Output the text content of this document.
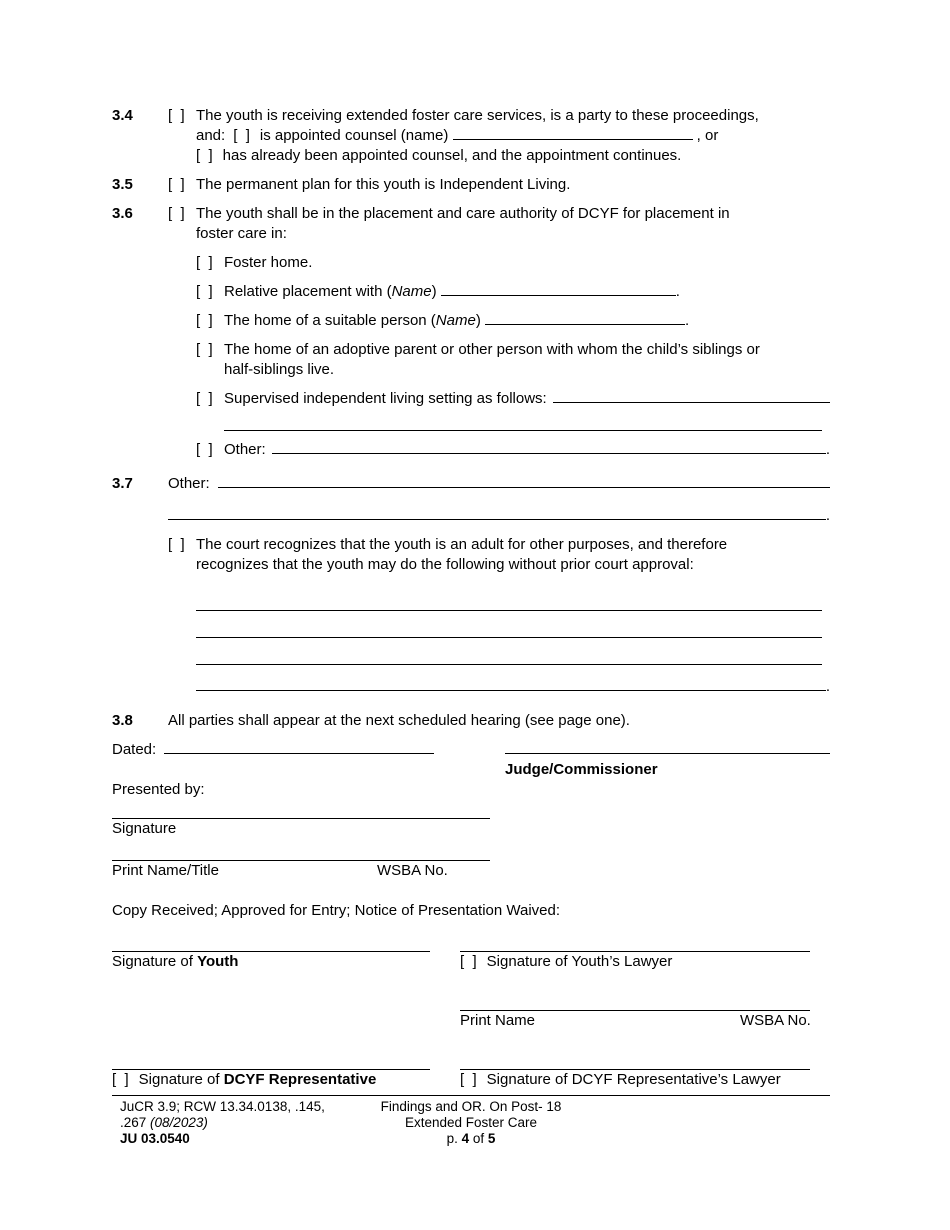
3.4	[  ] The youth is receiving extended foster care services, is a party to these proceedings,
and: [  ] is appointed counsel (name)	, or
[  ] has already been appointed counsel, and the appointment continues.
3.5	[  ] The permanent plan for this youth is Independent Living.
3.6	[  ] The youth shall be in the placement and care authority of DCYF for placement in
foster care in:
[  ] Foster home.
[  ] Relative placement with (Name)	.
[  ] The home of a suitable person (Name)	.
[  ] The home of an adoptive parent or other person with whom the child’s siblings or
half-siblings live.
[  ] Supervised independent living setting as follows:
[  ] Other:	.
3.7	Other:
.
[  ] The court recognizes that the youth is an adult for other purposes, and therefore
recognizes that the youth may do the following without prior court approval:
.
3.8	All parties shall appear at the next scheduled hearing (see page one).
Dated:
Judge/Commissioner
Presented by:
Signature
Print Name/Title	WSBA No.
Copy Received; Approved for Entry; Notice of Presentation Waived:
Signature of Youth	[  ] Signature of Youth’s Lawyer
Print Name	WSBA No.
[  ] Signature of DCYF Representative	[  ] Signature of DCYF Representative’s Lawyer
JuCR 3.9; RCW 13.34.0138, .145,
.267 (08/2023)
JU 03.0540
Findings and OR. On Post- 18
Extended Foster Care
p. 4 of 5
